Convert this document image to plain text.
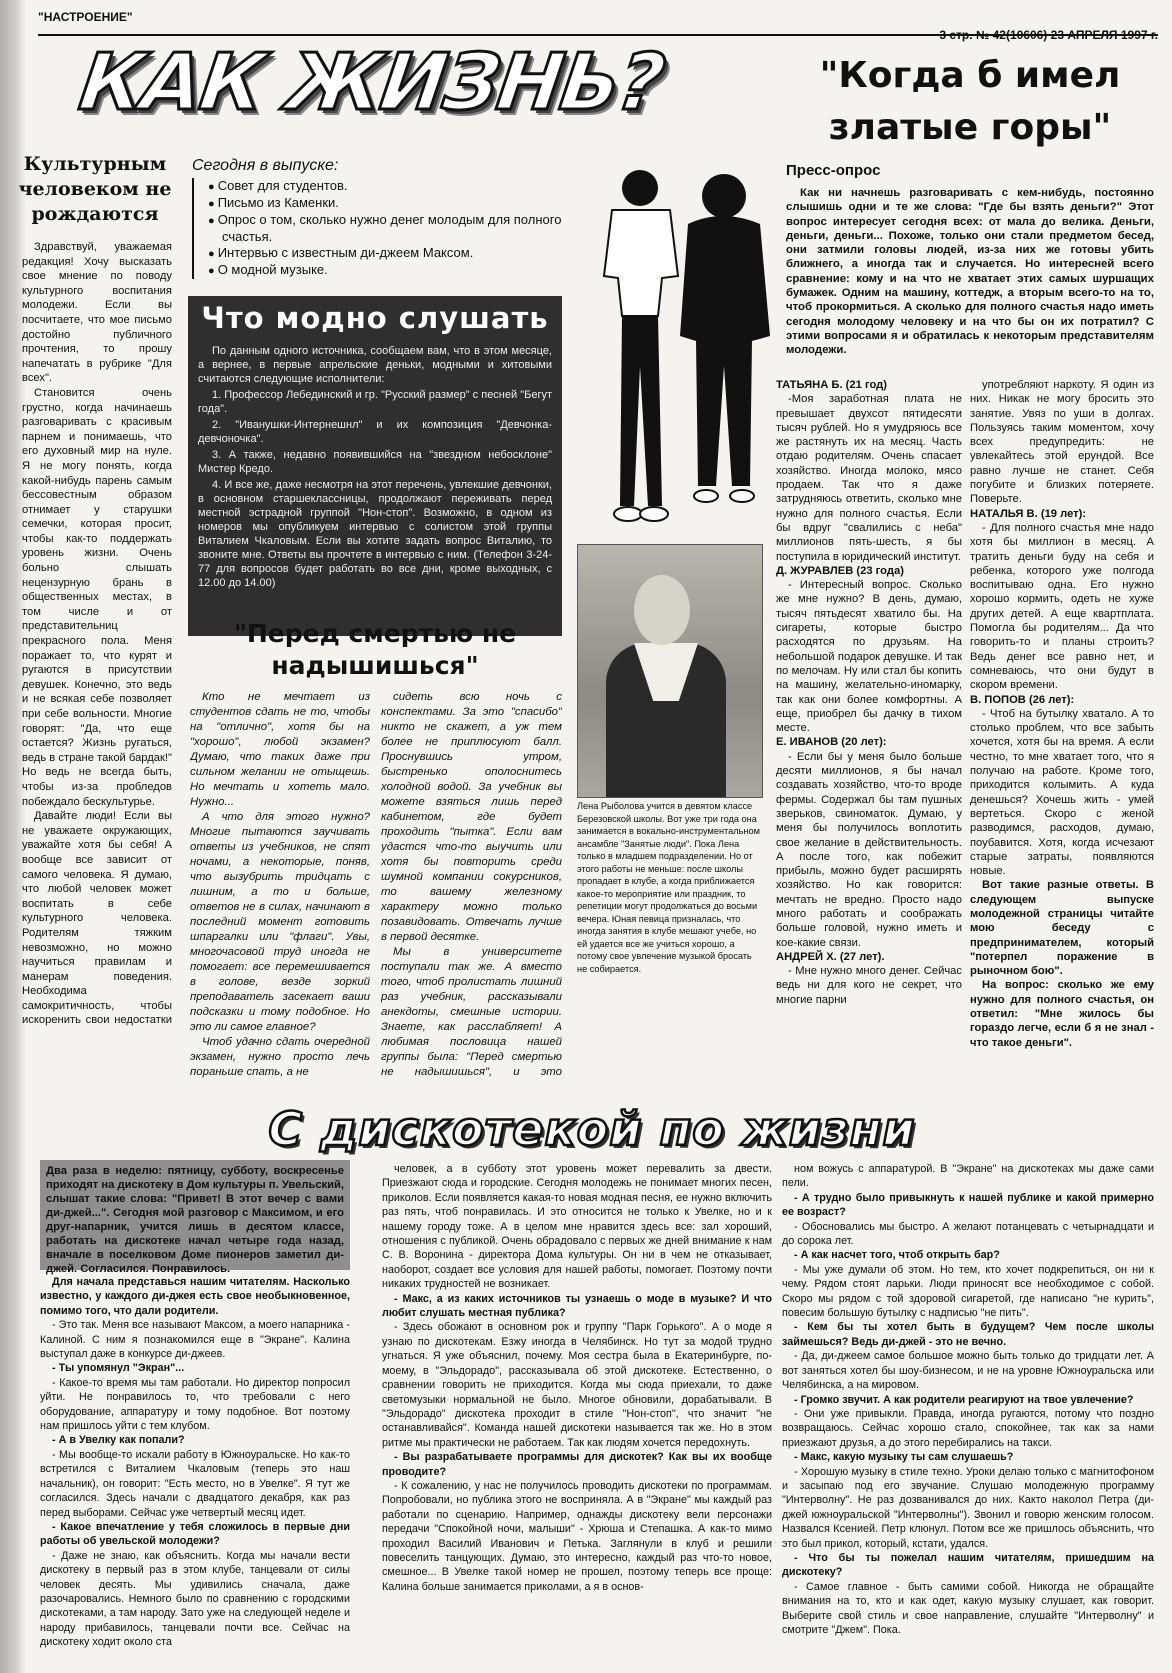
"НАСТРОЕНИЕ"
3 стр. № 42(10606) 23 АПРЕЛЯ 1997 г.
КАК ЖИЗНЬ?	"Когда б имел златые горы"
Культурным человеком не рождаются

Здравствуй, уважаемая редакция! Хочу высказать свое мнение по поводу культурного воспитания молодежи. Если вы посчитаете, что мое письмо достойно публичного прочтения, то прошу напечатать в рубрике "Для всех".

Становится очень грустно, когда начинаешь разговаривать с красивым парнем и понимаешь, что его духовный мир на нуле. Я не могу понять, когда какой-нибудь парень самым бессовестным образом отнимает у старушки семечки, которая просит, чтобы как-то поддержать уровень жизни. Очень больно слышать нецензурную брань в общественных местах, в том числе и от представительниц прекрасного пола. Меня поражает то, что курят и ругаются в присутствии девушек. Конечно, это ведь и не всякая себе позволяет при себе вольности. Многие говорят: "Да, что еще остается? Жизнь ругаться, ведь в стране такой бардак!" Но ведь не всегда быть, чтобы из-за пробледов побеждало бескультурье.

Давайте люди! Если вы не уважаете окружающих, уважайте хотя бы себя! А вообще все зависит от самого человека. Я думаю, что любой человек может воспитать в себе культурного человека. Родителям тяжким невозможно, но можно научиться правилам и манерам поведения. Необходима самокритичность, чтобы искоренить свои недостатки

Сегодня в выпуске:
● Совет для студентов.
● Письмо из Каменки.
● Опрос о том, сколько нужно денег молодым для полного счастья.
● Интервью с известным ди-джеем Максом.
● О модной музыке.
Что модно слушать

По данным одного источника, сообщаем вам, что в этом месяце, а вернее, в первые апрельские деньки, модными и хитовыми считаются следующие исполнители:

1. Профессор Лебединский и гр. "Русский размер" с песней "Бегут года".

2. "Иванушки-Интернешнл" и их композиция "Девчонка-девчоночка".

3. А также, недавно появившийся на "звездном небосклоне" Мистер Кредо.

4. И все же, даже несмотря на этот перечень, увлекшие девчонки, в основном старшеклассницы, продолжают переживать перед местной эстрадной группой "Нон-стоп". Возможно, в одном из номеров мы опубликуем интервью с солистом этой группы Виталием Чкаловым. Если вы хотите задать вопрос Виталию, то звоните мне. Ответы вы прочтете в интервью с ним. (Телефон 3-24-77 для вопросов будет работать во все дни, кроме выходных, с 12.00 до 14.00)

"Перед смертью не надышишься"

Кто не мечтает из студентов сдать не то, чтобы на "отлично", хотя бы на "хорошо", любой экзамен? Думаю, что таких даже при сильном желании не отыщешь. Но мечтать и хотеть мало. Нужно...

А что для этого нужно? Многие пытаются заучивать ответы из учебников, не спят ночами, а некоторые, поняв, что вызубрить тридцать с лишним, а то и больше, ответов не в силах, начинают в последний момент готовить шпаргалки или "флаги". Увы, многочасовой труд иногда не помогает: все перемешивается в голове, везде зоркий преподаватель засекает ваши подсказки и тому подобное. Но это ли самое главное?

Чтоб удачно сдать очередной экзамен, нужно просто лечь пораньше спать, а не

сидеть всю ночь с конспектами. За это "спасибо" никто не скажет, а уж тем более не приплюсуют балл. Проснувшись утром, быстренько ополоснитесь холодной водой. За учебник вы можете взяться лишь перед кабинетом, где будет проходить "пытка". Если вам удастся что-то выучить или хотя бы повторить среди шумной компании сокурсников, то вашему железному характеру можно только позавидовать. Отвечать лучше в первой десятке.

Мы в университете поступали так же. А вместо того, чтоб пролистать лишний раз учебник, рассказывали анекдоты, смешные истории. Знаете, как расслабляет! А любимая пословица нашей группы была: "Перед смертью не надышишься", и это

Лена Рыболова учится в девятом классе Березовской школы. Вот уже три года она занимается в вокально-инструментальном ансамбле "Занятые люди". Пока Лена только в младшем подразделении. Но от этого работы не меньше: после школы пропадает в клубе, а когда приближается какое-то мероприятие или праздник, то репетиции могут продолжаться до восьми вечера. Юная певица призналась, что иногда занятия в клубе мешают учебе, но ей удается все же учиться хорошо, а потому свое увлечение музыкой бросать не собирается.
Пресс-опрос

Как ни начнешь разговаривать с кем-нибудь, постоянно слышишь одни и те же слова: "Где бы взять деньги?" Этот вопрос интересует сегодня всех: от мала до велика. Деньги, деньги, деньги... Похоже, только они стали предметом бесед, они затмили головы людей, из-за них же готовы убить ближнего, а иногда так и случается. Но интересней всего сравнение: кому и на что не хватает этих самых шуршащих бумажек. Одним на машину, коттедж, а вторым всего-то на то, чтоб прокормиться. А сколько для полного счастья надо иметь сегодня молодому человеку и на что бы он их потратил? С этими вопросами я и обратилась к некоторым представителям молодежи.

ТАТЬЯНА Б. (21 год)

-Моя заработная плата не превышает двухсот пятидесяти тысяч рублей. Но я умудряюсь все же растянуть их на месяц. Часть отдаю родителям. Очень спасает хозяйство. Иногда молоко, мясо продаем. Так что я даже затрудняюсь ответить, сколько мне нужно для полного счастья. Если бы вдруг "свалились с неба" миллионов пять-шесть, я бы поступила в юридический институт.

Д. ЖУРАВЛЕВ (23 года)

- Интересный вопрос. Сколько же мне нужно? В день, думаю, тысяч пятьдесят хватило бы. На сигареты, которые быстро расходятся по друзьям. На небольшой подарок девушке. И так по мелочам. Ну или стал бы копить на машину, желательно-иномарку, так как они более комфортны. А еще, приобрел бы дачку в тихом месте.

Е. ИВАНОВ (20 лет):

- Если бы у меня было больше десяти миллионов, я бы начал создавать хозяйство, что-то вроде фермы. Содержал бы там пушных зверьков, свиноматок. Думаю, у меня бы получилось воплотить свое желание в действительность. А после того, как побежит прибыль, можно будет расширять хозяйство. Но как говорится: мечтать не вредно. Просто надо много работать и соображать больше головой, нужно иметь и кое-какие связи.

АНДРЕЙ Х. (27 лет).

- Мне нужно много денег. Сейчас ведь ни для кого не секрет, что многие парни

употребляют наркоту. Я один из них. Никак не могу бросить это занятие. Увяз по уши в долгах. Пользуясь таким моментом, хочу всех предупредить: не увлекайтесь этой ерундой. Все равно лучше не станет. Себя погубите и близких потеряете. Поверьте.

НАТАЛЬЯ В. (19 лет):

- Для полного счастья мне надо хотя бы миллион в месяц. А тратить деньги буду на себя и ребенка, которого уже полгода воспитываю одна. Его нужно хорошо кормить, одеть не хуже других детей. А еще квартплата. Помогла бы родителям... Да что говорить-то и планы строить? Ведь денег все равно нет, и сомневаюсь, что они будут в скором времени.

В. ПОПОВ (26 лет):

- Чтоб на бутылку хватало. А то столько проблем, что все забыть хочется, хотя бы на время. А если честно, то мне хватает того, что я получаю на работе. Кроме того, приходится колымить. А куда денешься? Хочешь жить - умей вертеться. Скоро с женой разводимся, расходов, думаю, поубавится. Хотя, когда исчезают старые затраты, появляются новые.

Вот такие разные ответы. В следующем выпуске молодежной страницы читайте мою беседу с предпринимателем, который "потерпел поражение в рыночном бою".

На вопрос: сколько же ему нужно для полного счастья, он ответил: "Мне жилось бы гораздо легче, если б я не знал - что такое деньги".

С дискотекой по жизни
Два раза в неделю: пятницу, субботу, воскресенье приходят на дискотеку в Дом культуры п. Увельский, слышат такие слова: "Привет! В этот вечер с вами ди-джей...". Сегодня мой разговор с Максимом, и его друг-напарник, учится лишь в десятом классе, работать на дискотеке начал четыре года назад, вначале в поселковом Доме пионеров заметил ди-джей. Согласился. Понравилось.

Для начала представься нашим читателям. Насколько известно, у каждого ди-джея есть свое необыкновенное, помимо того, что дали родители.

- Это так. Меня все называют Максом, а моего напарника - Калиной. С ним я познакомился еще в "Экране". Калина выступал даже в конкурсе ди-джеев.

- Ты упомянул "Экран"...

- Какое-то время мы там работали. Но директор попросил уйти. Не понравилось то, что требовали с него оборудование, аппаратуру и тому подобное. Вот поэтому нам пришлось уйти с тем клубом.

- А в Увелку как попали?

- Мы вообще-то искали работу в Южноуральске. Но как-то встретился с Виталием Чкаловым (теперь это наш начальник), он говорит: "Есть место, но в Увелке". Я тут же согласился. Здесь начали с двадцатого декабря, как раз перед выборами. Сейчас уже четвертый месяц идет.

- Какое впечатление у тебя сложилось в первые дни работы об увельской молодежи?

- Даже не знаю, как объяснить. Когда мы начали вести дискотеку в первый раз в этом клубе, танцевали от силы человек десять. Мы удивились сначала, даже разочаровались. Немного было по сравнению с городскими дискотеками, а там народу. Зато уже на следующей неделе и народу прибавилось, танцевали почти все. Сейчас на дискотеку ходит около ста

человек, а в субботу этот уровень может перевалить за двести. Приезжают сюда и городские. Сегодня молодежь не понимает многих песен, приколов. Если появляется какая-то новая модная песня, ее нужно включить раз пять, чтоб понравилась. И это относится не только к Увелке, но и к нашему городу тоже. А в целом мне нравится здесь все: зал хороший, отношения с публикой. Очень обрадовало с первых же дней внимание к нам С. В. Воронина - директора Дома культуры. Он ни в чем не отказывает, наоборот, создает все условия для нашей работы, помогает. Поэтому почти никаких трудностей не возникает.

- Макс, а из каких источников ты узнаешь о моде в музыке? И что любит слушать местная публика?

- Здесь обожают в основном рок и группу "Парк Горького". А о моде я узнаю по дискотекам. Езжу иногда в Челябинск. Но тут за модой трудно угнаться. Я уже объяснил, почему. Моя сестра была в Екатеринбурге, по-моему, в "Эльдорадо", рассказывала об этой дискотеке. Естественно, о сравнении говорить не приходится. Когда мы сюда приехали, то даже светомузыки нормальной не было. Многое обновили, дорабатывали. В "Эльдорадо" дискотека проходит в стиле "Нон-стоп", что значит "не останавливайся". Команда нашей дискотеки называется так же. Но в этом ритме мы практически не работаем. Так как людям хочется передохнуть.

- Вы разрабатываете программы для дискотек? Как вы их вообще проводите?

- К сожалению, у нас не получилось проводить дискотеки по программам. Попробовали, но публика этого не восприняла. А в "Экране" мы каждый раз работали по сценарию. Например, однажды дискотеку вели персонажи передачи "Спокойной ночи, малыши" - Хрюша и Степашка. А как-то мимо проходил Василий Иванович и Петька. Заглянули в клуб и решили повеселить танцующих. Думаю, это интересно, каждый раз что-то новое, смешное... В Увелке такой номер не прошел, поэтому теперь все проще: Калина больше занимается приколами, а я в основ-

ном вожусь с аппаратурой. В "Экране" на дискотеках мы даже сами пели.

- А трудно было привыкнуть к нашей публике и какой примерно ее возраст?

- Обосновались мы быстро. А желают потанцевать с четырнадцати и до сорока лет.

- А как насчет того, чтоб открыть бар?

- Мы уже думали об этом. Но тем, кто хочет подкрепиться, он ни к чему. Рядом стоят ларьки. Люди приносят все необходимое с собой. Скоро мы рядом с той здоровой сигаретой, где написано "не курить", повесим большую бутылку с надписью "не пить".

- Кем бы ты хотел быть в будущем? Чем после школы займешься? Ведь ди-джей - это не вечно.

- Да, ди-джеем самое большое можно быть только до тридцати лет. А вот заняться хотел бы шоу-бизнесом, и не на уровне Южноуральска или Челябинска, а на мировом.

- Громко звучит. А как родители реагируют на твое увлечение?

- Они уже привыкли. Правда, иногда ругаются, потому что поздно возвращаюсь. Сейчас хорошо стало, спокойнее, так как за нами приезжают друзья, а до этого перебирались на такси.

- Макс, какую музыку ты сам слушаешь?

- Хорошую музыку в стиле техно. Уроки делаю только с магнитофоном и засыпаю под его звучание. Слушаю молодежную программу "Интерволну". Не раз дозванивался до них. Както наколол Петра (ди-джей южноуральской "Интерволны"). Звонил и говорю женским голосом. Назвался Ксенией. Петр клюнул. Потом все же пришлось объяснить, что это был прикол, который, кстати, удался.

- Что бы ты пожелал нашим читателям, пришедшим на дискотеку?

- Самое главное - быть самими собой. Никогда не обращайте внимания на то, кто и как одет, какую музыку слушает, как говорит. Выберите свой стиль и свое направление, слушайте "Интерволну" и смотрите "Джем". Пока.
